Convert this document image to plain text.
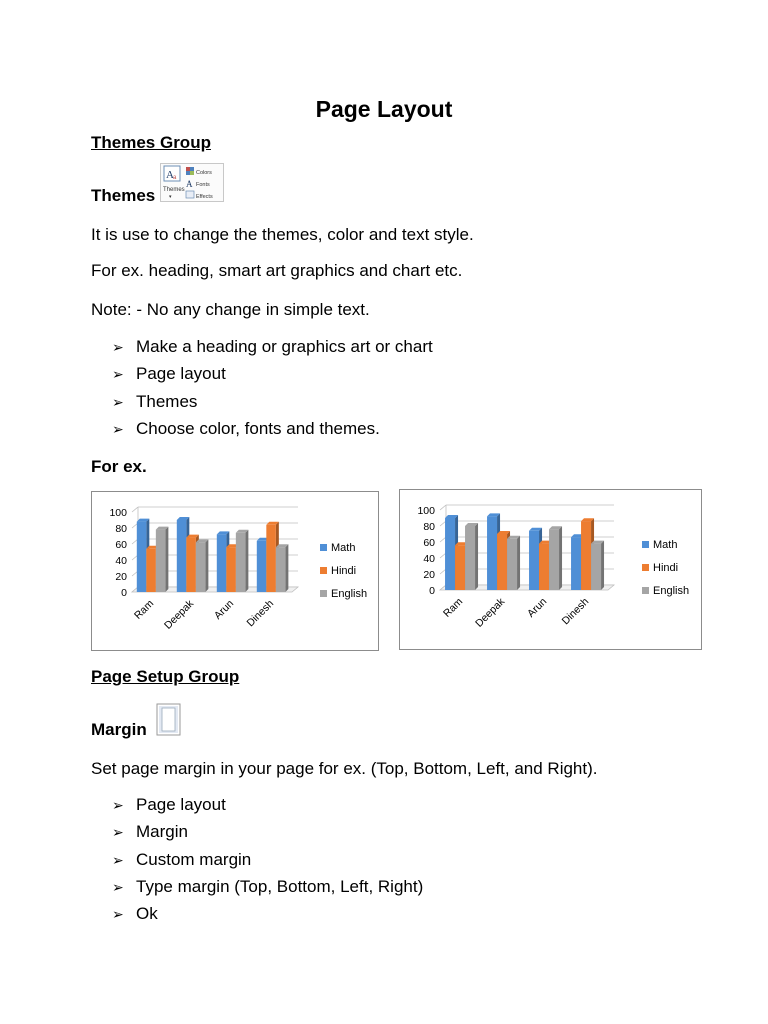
Page Layout
Themes Group
Themes
A a
Themes
▾
Colors
A Fonts
Effects
It is use to change the themes, color and text style.
For ex. heading, smart art graphics and chart etc.
Note: - No any change in simple text.
➢ Make a heading or graphics art or chart
➢ Page layout
➢ Themes
➢ Choose color, fonts and themes.
For ex.
0
20
40
60
80
100
Ram Deepak Arun Dinesh
Math
Hindi
English	0
20
40
60
80
100
Ram Deepak Arun Dinesh
Math
Hindi
English
Page Setup Group
Margin
Set page margin in your page for ex. (Top, Bottom, Left, and Right).
➢ Page layout
➢ Margin
➢ Custom margin
➢ Type margin (Top, Bottom, Left, Right)
➢ Ok
